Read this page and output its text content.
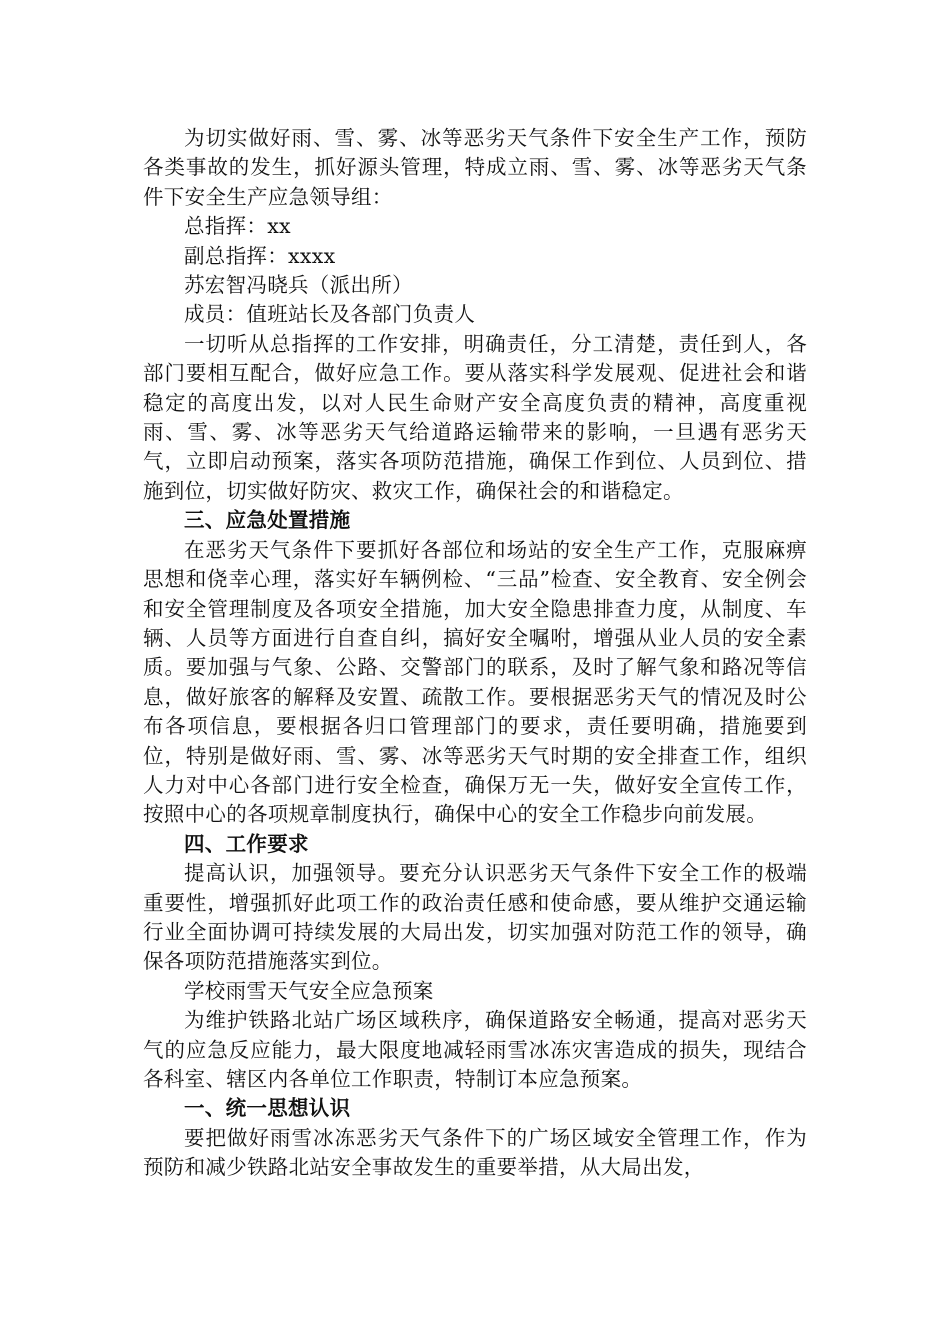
为切实做好雨、雪、雾、冰等恶劣天气条件下安全生产工作，预防各类事故的发生，抓好源头管理，特成立雨、雪、雾、冰等恶劣天气条件下安全生产应急领导组：

总指挥：xx

副总指挥：xxxx

苏宏智冯晓兵（派出所）

成员：值班站长及各部门负责人

一切听从总指挥的工作安排，明确责任，分工清楚，责任到人，各部门要相互配合，做好应急工作。要从落实科学发展观、促进社会和谐稳定的高度出发，以对人民生命财产安全高度负责的精神，高度重视雨、雪、雾、冰等恶劣天气给道路运输带来的影响，一旦遇有恶劣天气，立即启动预案，落实各项防范措施，确保工作到位、人员到位、措施到位，切实做好防灾、救灾工作，确保社会的和谐稳定。

三、应急处置措施

在恶劣天气条件下要抓好各部位和场站的安全生产工作，克服麻痹思想和侥幸心理，落实好车辆例检、“三品”检查、安全教育、安全例会和安全管理制度及各项安全措施，加大安全隐患排查力度，从制度、车辆、人员等方面进行自查自纠，搞好安全嘱咐，增强从业人员的安全素质。要加强与气象、公路、交警部门的联系，及时了解气象和路况等信息，做好旅客的解释及安置、疏散工作。要根据恶劣天气的情况及时公布各项信息，要根据各归口管理部门的要求，责任要明确，措施要到位，特别是做好雨、雪、雾、冰等恶劣天气时期的安全排查工作，组织人力对中心各部门进行安全检查，确保万无一失，做好安全宣传工作，按照中心的各项规章制度执行，确保中心的安全工作稳步向前发展。

四、工作要求

提高认识，加强领导。要充分认识恶劣天气条件下安全工作的极端重要性，增强抓好此项工作的政治责任感和使命感，要从维护交通运输行业全面协调可持续发展的大局出发，切实加强对防范工作的领导，确保各项防范措施落实到位。

学校雨雪天气安全应急预案

为维护铁路北站广场区域秩序，确保道路安全畅通，提高对恶劣天气的应急反应能力，最大限度地减轻雨雪冰冻灾害造成的损失，现结合各科室、辖区内各单位工作职责，特制订本应急预案。

一、统一思想认识

要把做好雨雪冰冻恶劣天气条件下的广场区域安全管理工作，作为预防和减少铁路北站安全事故发生的重要举措，从大局出发，
